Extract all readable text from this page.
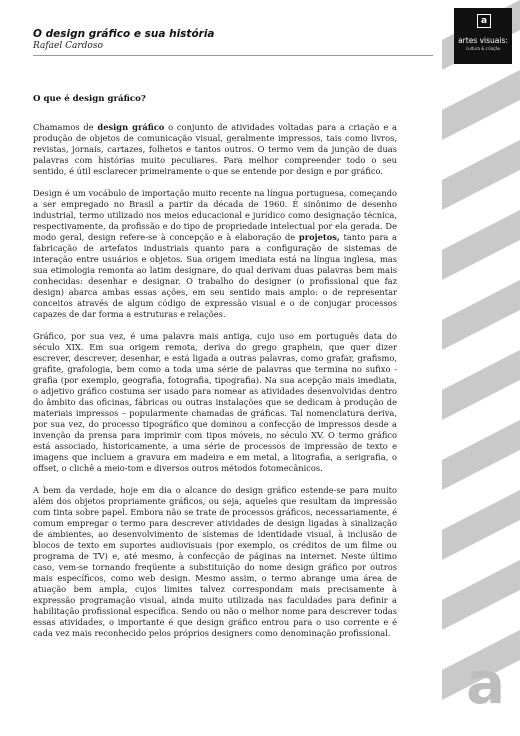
a
artes visuais:
cultura & criação
a
O design gráfico e sua história
Rafael Cardoso
O que é design gráfico?

Chamamos de design gráfico o conjunto de atividades voltadas para a criação e a produção de objetos de comunicação visual, geralmente impressos, tais como livros, revistas, jornais, cartazes, folhetos e tantos outros. O termo vem da junção de duas palavras com histórias muito peculiares. Para melhor compreender todo o seu sentido, é útil esclarecer primeiramente o que se entende por design e por gráfico.

Design é um vocábulo de importação muito recente na língua portuguesa, começando a ser empregado no Brasil a partir da década de 1960. É sinônimo de desenho industrial, termo utilizado nos meios educacional e jurídico como designação técnica, respectivamente, da profissão e do tipo de propriedade intelectual por ela gerada. De modo geral, design refere-se à concepção e à elaboração de projetos, tanto para a fabricação de artefatos industriais quanto para a configuração de sistemas de interação entre usuários e objetos. Sua origem imediata está na língua inglesa, mas sua etimologia remonta ao latim designare, do qual derivam duas palavras bem mais conhecidas: desenhar e designar. O trabalho do designer (o profissional que faz design) abarca ambas essas ações, em seu sentido mais amplo: o de representar conceitos através de algum código de expressão visual e o de conjugar processos capazes de dar forma a estruturas e relações.

Gráfico, por sua vez, é uma palavra mais antiga, cujo uso em português data do século XIX. Em sua origem remota, deriva do grego graphein, que quer dizer escrever, descrever, desenhar, e está ligada a outras palavras, como grafar, grafismo, grafite, grafologia, bem como a toda uma série de palavras que termina no sufixo -grafia (por exemplo, geografia, fotografia, tipografia). Na sua acepção mais imediata, o adjetivo gráfico costuma ser usado para nomear as atividades desenvolvidas dentro do âmbito das oficinas, fábricas ou outras instalações que se dedicam à produção de materiais impressos – popularmente chamadas de gráficas. Tal nomenclatura deriva, por sua vez, do processo tipográfico que dominou a confecção de impressos desde a invenção da prensa para imprimir com tipos móveis, no século XV. O termo gráfico está associado, historicamente, a uma série de processos de impressão de texto e imagens que incluem a gravura em madeira e em metal, a litografia, a serigrafia, o offset, o clichê a meio-tom e diversos outros métodos fotomecânicos.

A bem da verdade, hoje em dia o alcance do design gráfico estende-se para muito além dos objetos propriamente gráficos, ou seja, aqueles que resultam da impressão com tinta sobre papel. Embora não se trate de processos gráficos, necessariamente, é comum empregar o termo para descrever atividades de design ligadas à sinalização de ambientes, ao desenvolvimento de sistemas de identidade visual, à inclusão de blocos de texto em suportes audiovisuais (por exemplo, os créditos de um filme ou programa de TV) e, até mesmo, à confecção de páginas na internet. Neste último caso, vem-se tornando freqüente a substituição do nome design gráfico por outros mais específicos, como web design. Mesmo assim, o termo abrange uma área de atuação bem ampla, cujos limites talvez correspondam mais precisamente à expressão programação visual, ainda muito utilizada nas faculdades para definir a habilitação profissional específica. Sendo ou não o melhor nome para descrever todas essas atividades, o importante é que design gráfico entrou para o uso corrente e é cada vez mais reconhecido pelos próprios designers como denominação profissional.
